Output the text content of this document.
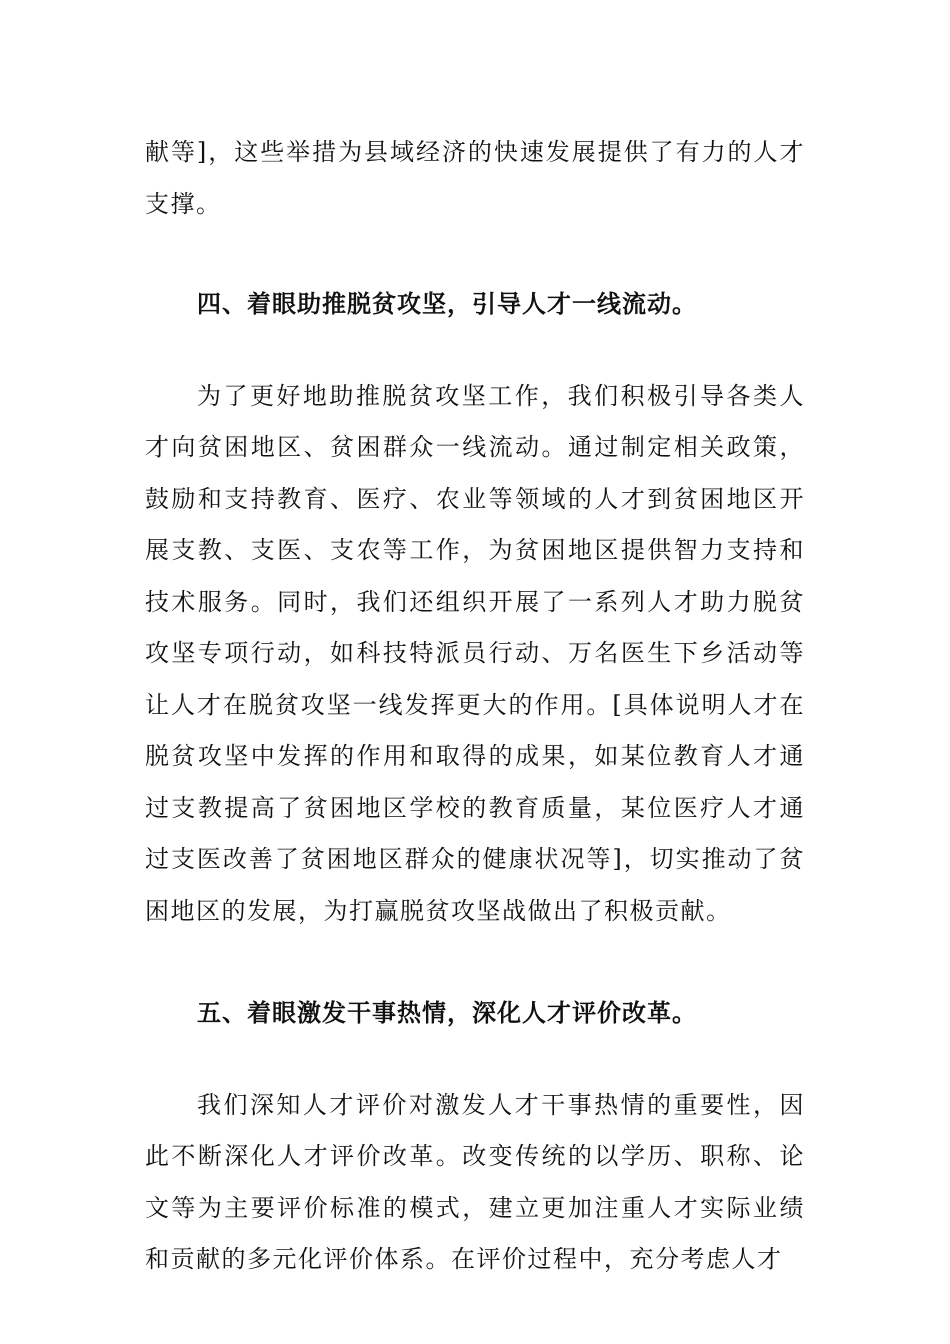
献等]，这些举措为县域经济的快速发展提供了有力的人才支撑。

四、着眼助推脱贫攻坚，引导人才一线流动。

为了更好地助推脱贫攻坚工作，我们积极引导各类人才向贫困地区、贫困群众一线流动。通过制定相关政策，鼓励和支持教育、医疗、农业等领域的人才到贫困地区开展支教、支医、支农等工作，为贫困地区提供智力支持和技术服务。同时，我们还组织开展了一系列人才助力脱贫攻坚专项行动，如科技特派员行动、万名医生下乡活动等让人才在脱贫攻坚一线发挥更大的作用。[具体说明人才在脱贫攻坚中发挥的作用和取得的成果，如某位教育人才通过支教提高了贫困地区学校的教育质量，某位医疗人才通过支医改善了贫困地区群众的健康状况等]，切实推动了贫困地区的发展，为打赢脱贫攻坚战做出了积极贡献。

五、着眼激发干事热情，深化人才评价改革。

我们深知人才评价对激发人才干事热情的重要性，因此不断深化人才评价改革。改变传统的以学历、职称、论文等为主要评价标准的模式，建立更加注重人才实际业绩和贡献的多元化评价体系。在评价过程中，充分考虑人才
